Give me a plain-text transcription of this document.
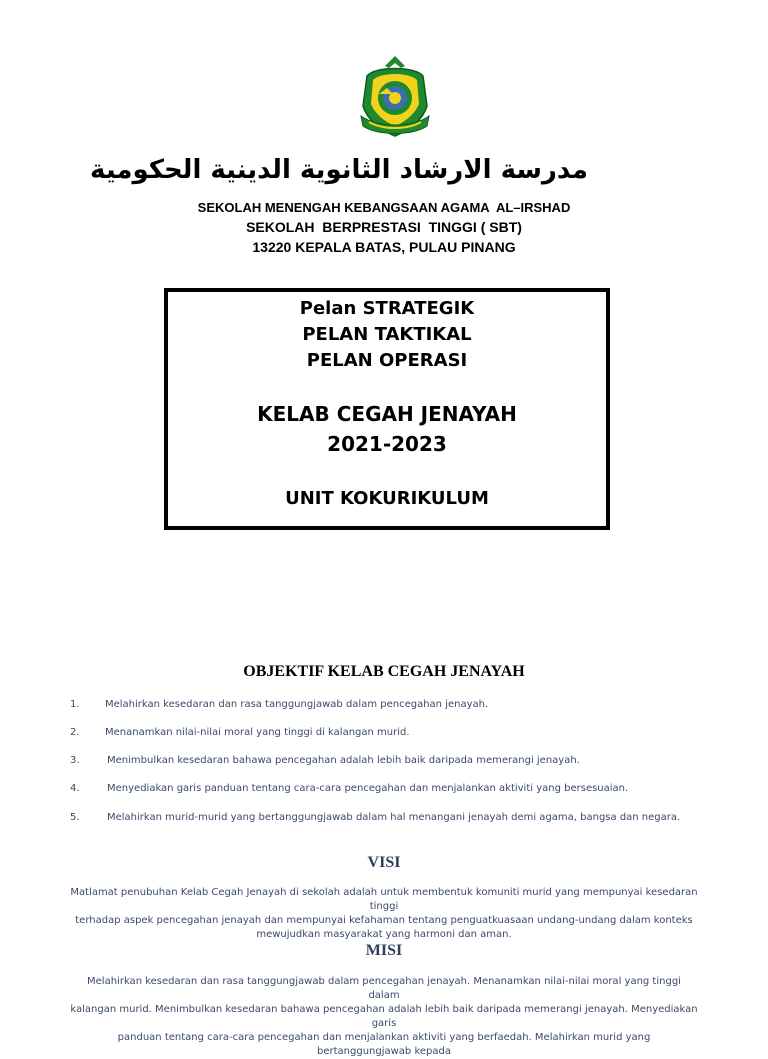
مدرسة الارشاد الثانوية الدينية الحكومية
SEKOLAH MENENGAH KEBANGSAAN AGAMA  AL–IRSHAD
SEKOLAH  BERPRESTASI  TINGGI ( SBT)
13220 KEPALA BATAS, PULAU PINANG
Pelan STRATEGIK
PELAN TAKTIKAL
PELAN OPERASI
KELAB CEGAH JENAYAH
2021-2023
UNIT KOKURIKULUM
OBJEKTIF KELAB CEGAH JENAYAH
1.	Melahirkan kesedaran dan rasa tanggungjawab dalam pencegahan jenayah.
2.	Menanamkan nilai-nilai moral yang tinggi di kalangan murid.
3.	Menimbulkan kesedaran bahawa pencegahan adalah lebih baik daripada memerangi jenayah.
4.	Menyediakan garis panduan tentang cara-cara pencegahan dan menjalankan aktiviti yang bersesuaian.
5.	Melahirkan murid-murid yang bertanggungjawab dalam hal menangani jenayah demi agama, bangsa dan negara.
VISI
Matlamat penubuhan Kelab Cegah Jenayah di sekolah adalah untuk membentuk komuniti murid yang mempunyai kesedaran tinggi
terhadap aspek pencegahan jenayah dan mempunyai kefahaman tentang penguatkuasaan undang-undang dalam konteks
mewujudkan masyarakat yang harmoni dan aman.
MISI
Melahirkan kesedaran dan rasa tanggungjawab dalam pencegahan jenayah. Menanamkan nilai-nilai moral yang tinggi dalam
kalangan murid. Menimbulkan kesedaran bahawa pencegahan adalah lebih baik daripada memerangi jenayah. Menyediakan garis
panduan tentang cara-cara pencegahan dan menjalankan aktiviti yang berfaedah. Melahirkan murid yang bertanggungjawab kepada
